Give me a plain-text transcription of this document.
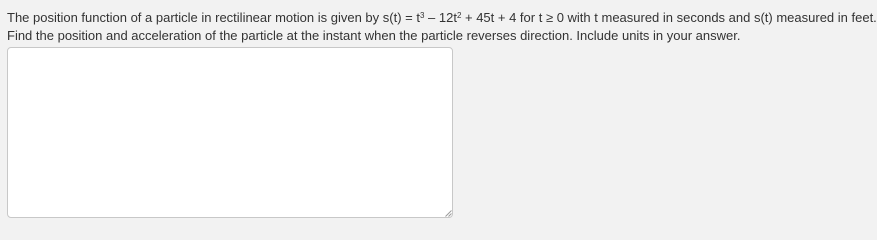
The position function of a particle in rectilinear motion is given by $s(t) = t^3 - 12t^2 + 45t + 4$ for t ≥ 0 with t measured in seconds and s(t) measured in feet.

Find the position and acceleration of the particle at the instant when the particle reverses direction. Include units in your answer.
